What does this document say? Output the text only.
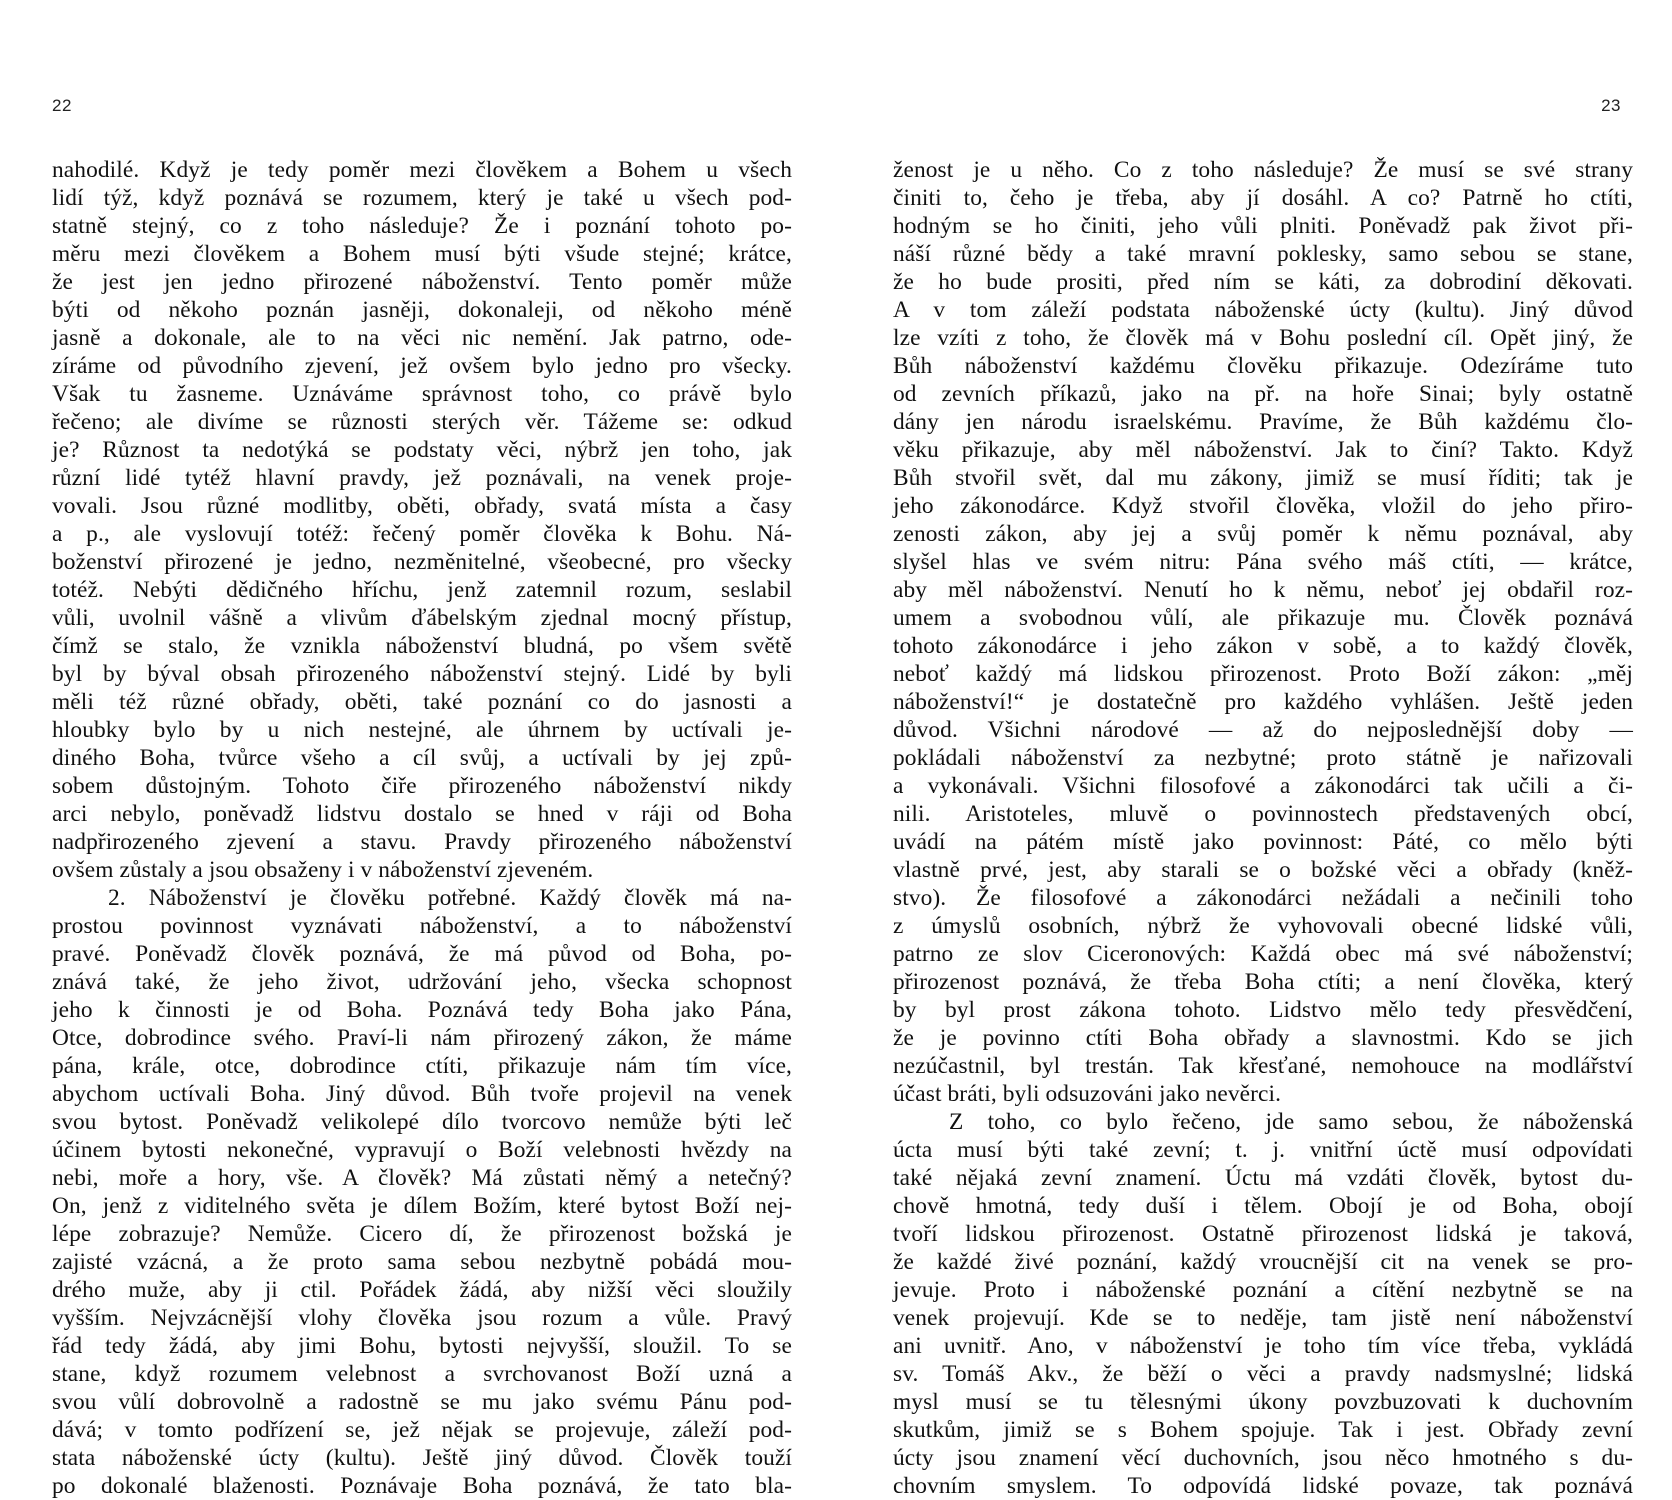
22
nahodilé. Když je tedy poměr mezi člověkem a Bohem u všech
lidí týž, když poznává se rozumem, který je také u všech pod-
statně stejný, co z toho následuje? Že i poznání tohoto po-
měru mezi člověkem a Bohem musí býti všude stejné; krátce,
že jest jen jedno přirozené náboženství. Tento poměr může
býti od někoho poznán jasněji, dokonaleji, od někoho méně
jasně a dokonale, ale to na věci nic nemění. Jak patrno, ode-
zíráme od původního zjevení, jež ovšem bylo jedno pro všecky.
Však tu žasneme. Uznáváme správnost toho, co právě bylo
řečeno; ale divíme se různosti sterých věr. Tážeme se: odkud
je? Různost ta nedotýká se podstaty věci, nýbrž jen toho, jak
různí lidé tytéž hlavní pravdy, jež poznávali, na venek proje-
vovali. Jsou různé modlitby, oběti, obřady, svatá místa a časy
a p., ale vyslovují totéž: řečený poměr člověka k Bohu. Ná-
boženství přirozené je jedno, nezměnitelné, všeobecné, pro všecky
totéž. Nebýti dědičného hříchu, jenž zatemnil rozum, seslabil
vůli, uvolnil vášně a vlivům ďábelským zjednal mocný přístup,
čímž se stalo, že vznikla náboženství bludná, po všem světě
byl by býval obsah přirozeného náboženství stejný. Lidé by byli
měli též různé obřady, oběti, také poznání co do jasnosti a
hloubky bylo by u nich nestejné, ale úhrnem by uctívali je-
diného Boha, tvůrce všeho a cíl svůj, a uctívali by jej způ-
sobem důstojným. Tohoto čiře přirozeného náboženství nikdy
arci nebylo, poněvadž lidstvu dostalo se hned v ráji od Boha
nadpřirozeného zjevení a stavu. Pravdy přirozeného náboženství
ovšem zůstaly a jsou obsaženy i v náboženství zjeveném.
2. Náboženství je člověku potřebné. Každý člověk má na-
prostou povinnost vyznávati náboženství, a to náboženství
pravé. Poněvadž člověk poznává, že má původ od Boha, po-
znává také, že jeho život, udržování jeho, všecka schopnost
jeho k činnosti je od Boha. Poznává tedy Boha jako Pána,
Otce, dobrodince svého. Praví-li nám přirozený zákon, že máme
pána, krále, otce, dobrodince ctíti, přikazuje nám tím více,
abychom uctívali Boha. Jiný důvod. Bůh tvoře projevil na venek
svou bytost. Poněvadž velikolepé dílo tvorcovo nemůže býti leč
účinem bytosti nekonečné, vypravují o Boží velebnosti hvězdy na
nebi, moře a hory, vše. A člověk? Má zůstati němý a netečný?
On, jenž z viditelného světa je dílem Božím, které bytost Boží nej-
lépe zobrazuje? Nemůže. Cicero dí, že přirozenost božská je
zajisté vzácná, a že proto sama sebou nezbytně pobádá mou-
drého muže, aby ji ctil. Pořádek žádá, aby nižší věci sloužily
vyšším. Nejvzácnější vlohy člověka jsou rozum a vůle. Pravý
řád tedy žádá, aby jimi Bohu, bytosti nejvyšší, sloužil. To se
stane, když rozumem velebnost a svrchovanost Boží uzná a
svou vůlí dobrovolně a radostně se mu jako svému Pánu pod-
dává; v tomto podřízení se, jež nějak se projevuje, záleží pod-
stata náboženské úcty (kultu). Ještě jiný důvod. Člověk touží
po dokonalé blaženosti. Poznávaje Boha poznává, že tato bla-
23
ženost je u něho. Co z toho následuje? Že musí se své strany
činiti to, čeho je třeba, aby jí dosáhl. A co? Patrně ho ctíti,
hodným se ho činiti, jeho vůli plniti. Poněvadž pak život při-
náší různé bědy a také mravní poklesky, samo sebou se stane,
že ho bude prositi, před ním se káti, za dobrodiní děkovati.
A v tom záleží podstata náboženské úcty (kultu). Jiný důvod
lze vzíti z toho, že člověk má v Bohu poslední cíl. Opět jiný, že
Bůh náboženství každému člověku přikazuje. Odezíráme tuto
od zevních příkazů, jako na př. na hoře Sinai; byly ostatně
dány jen národu israelskému. Pravíme, že Bůh každému člo-
věku přikazuje, aby měl náboženství. Jak to činí? Takto. Když
Bůh stvořil svět, dal mu zákony, jimiž se musí říditi; tak je
jeho zákonodárce. Když stvořil člověka, vložil do jeho přiro-
zenosti zákon, aby jej a svůj poměr k němu poznával, aby
slyšel hlas ve svém nitru: Pána svého máš ctíti, — krátce,
aby měl náboženství. Nenutí ho k němu, neboť jej obdařil roz-
umem a svobodnou vůlí, ale přikazuje mu. Člověk poznává
tohoto zákonodárce i jeho zákon v sobě, a to každý člověk,
neboť každý má lidskou přirozenost. Proto Boží zákon: „měj
náboženství!“ je dostatečně pro každého vyhlášen. Ještě jeden
důvod. Všichni národové — až do nejposlednější doby —
pokládali náboženství za nezbytné; proto státně je nařizovali
a vykonávali. Všichni filosofové a zákonodárci tak učili a či-
nili. Aristoteles, mluvě o povinnostech představených obcí,
uvádí na pátém místě jako povinnost: Páté, co mělo býti
vlastně prvé, jest, aby starali se o božské věci a obřady (kněž-
stvo). Že filosofové a zákonodárci nežádali a nečinili toho
z úmyslů osobních, nýbrž že vyhovovali obecné lidské vůli,
patrno ze slov Ciceronových: Každá obec má své náboženství;
přirozenost poznává, že třeba Boha ctíti; a není člověka, který
by byl prost zákona tohoto. Lidstvo mělo tedy přesvědčení,
že je povinno ctíti Boha obřady a slavnostmi. Kdo se jich
nezúčastnil, byl trestán. Tak křesťané, nemohouce na modlářství
účast bráti, byli odsuzováni jako nevěrci.
Z toho, co bylo řečeno, jde samo sebou, že náboženská
úcta musí býti také zevní; t. j. vnitřní úctě musí odpovídati
také nějaká zevní znamení. Úctu má vzdáti člověk, bytost du-
chově hmotná, tedy duší i tělem. Obojí je od Boha, obojí
tvoří lidskou přirozenost. Ostatně přirozenost lidská je taková,
že každé živé poznání, každý vroucnější cit na venek se pro-
jevuje. Proto i náboženské poznání a cítění nezbytně se na
venek projevují. Kde se to neděje, tam jistě není náboženství
ani uvnitř. Ano, v náboženství je toho tím více třeba, vykládá
sv. Tomáš Akv., že běží o věci a pravdy nadsmyslné; lidská
mysl musí se tu tělesnými úkony povzbuzovati k duchovním
skutkům, jimiž se s Bohem spojuje. Tak i jest. Obřady zevní
úcty jsou znamení věcí duchovních, jsou něco hmotného s du-
chovním smyslem. To odpovídá lidské povaze, tak poznává
